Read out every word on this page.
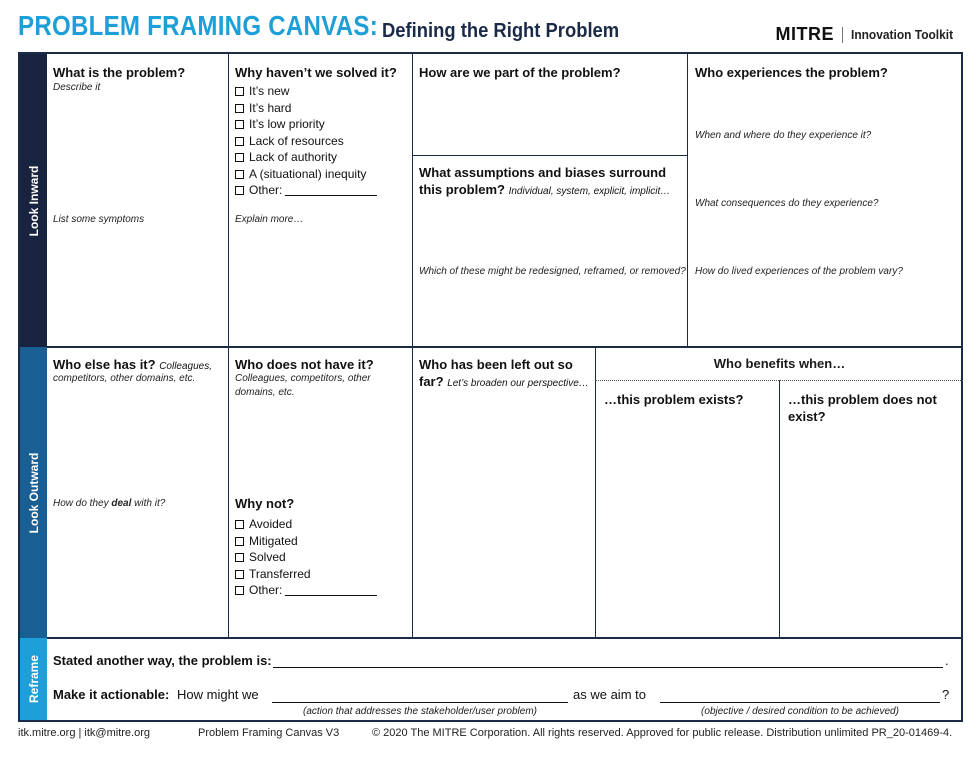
PROBLEM FRAMING CANVAS: Defining the Right Problem	MITRE Innovation Toolkit
Look Inward
Look Outward
Reframe
What is the problem?
Describe it
List some symptoms
Why haven’t we solved it?
It’s new
It’s hard
It’s low priority
Lack of resources
Lack of authority
A (situational) inequity
Other:
Explain more…
How are we part of the problem?
What assumptions and biases surround
this problem? Individual, system, explicit, implicit…
Which of these might be redesigned, reframed, or removed?
Who experiences the problem?
When and where do they experience it?
What consequences do they experience?
How do lived experiences of the problem vary?
Who else has it? Colleagues,
competitors, other domains, etc.
How do they deal with it?
Who does not have it?
Colleagues, competitors, other domains, etc.
Why not?
Avoided
Mitigated
Solved
Transferred
Other:
Who has been left out so
far? Let’s broaden our perspective…
Who benefits when…
…this problem exists?	…this problem does not
exist?
Stated another way, the problem is:	.
Make it actionable: How might we	as we aim to	?
(action that addresses the stakeholder/user problem)	(objective / desired condition to be achieved)
itk.mitre.org | itk@mitre.org	Problem Framing Canvas V3	© 2020 The MITRE Corporation. All rights reserved. Approved for public release. Distribution unlimited PR_20-01469-4.
